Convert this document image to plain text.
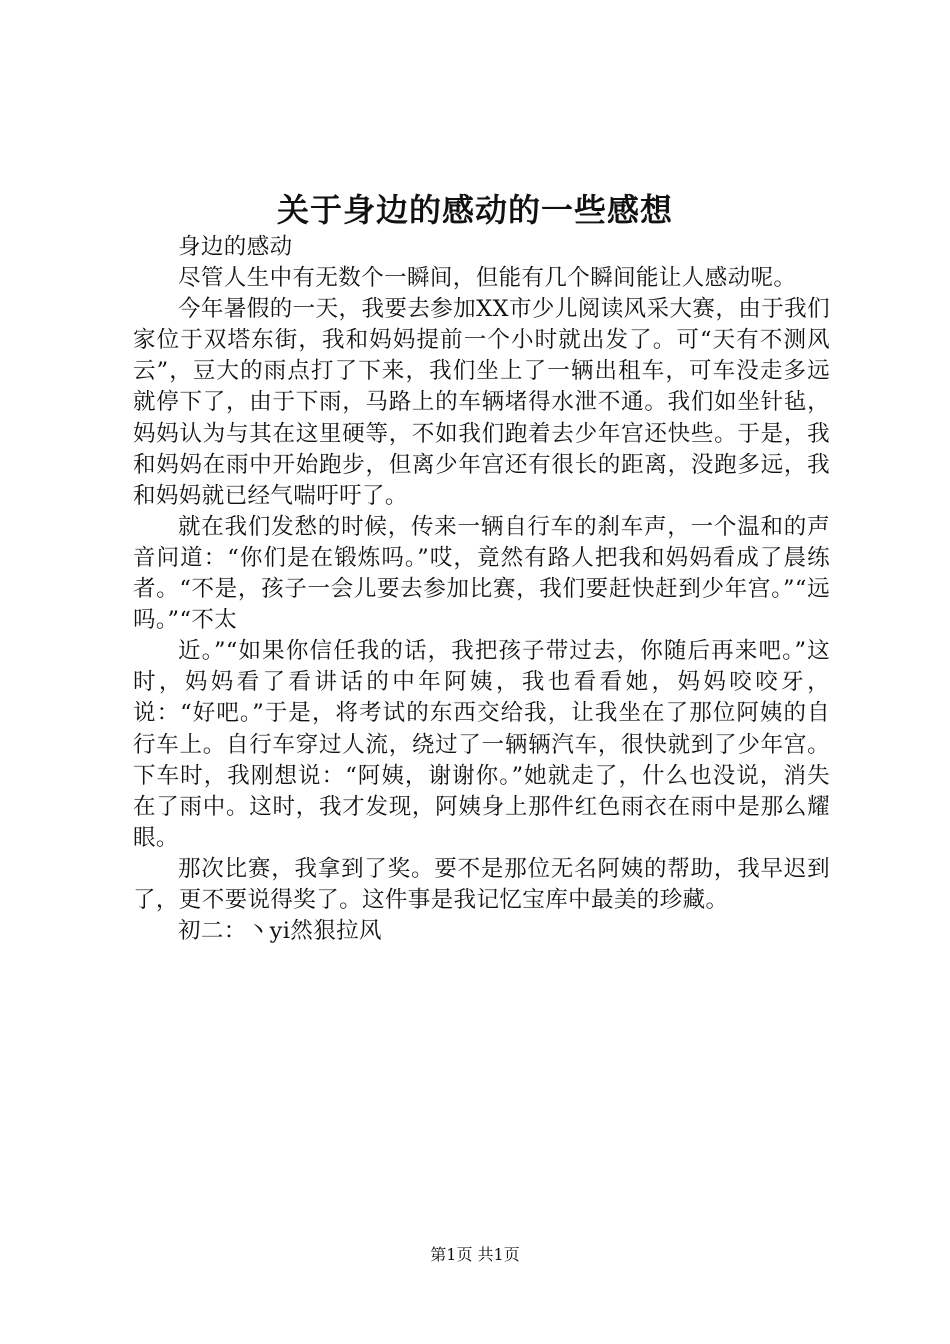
关于身边的感动的一些感想

身边的感动

尽管人生中有无数个一瞬间，但能有几个瞬间能让人感动呢。

今年暑假的一天，我要去参加XX市少儿阅读风采大赛，由于我们家位于双塔东街，我和妈妈提前一个小时就出发了。可“天有不测风云”，豆大的雨点打了下来，我们坐上了一辆出租车，可车没走多远就停下了，由于下雨，马路上的车辆堵得水泄不通。我们如坐针毡，妈妈认为与其在这里硬等，不如我们跑着去少年宫还快些。于是，我和妈妈在雨中开始跑步，但离少年宫还有很长的距离，没跑多远，我和妈妈就已经气喘吁吁了。

就在我们发愁的时候，传来一辆自行车的刹车声，一个温和的声音问道：“你们是在锻炼吗。”哎，竟然有路人把我和妈妈看成了晨练者。“不是，孩子一会儿要去参加比赛，我们要赶快赶到少年宫。”“远吗。”“不太

近。”“如果你信任我的话，我把孩子带过去，你随后再来吧。”这时，妈妈看了看讲话的中年阿姨，我也看看她，妈妈咬咬牙，说：“好吧。”于是，将考试的东西交给我，让我坐在了那位阿姨的自行车上。自行车穿过人流，绕过了一辆辆汽车，很快就到了少年宫。下车时，我刚想说：“阿姨，谢谢你。”她就走了，什么也没说，消失在了雨中。这时，我才发现，阿姨身上那件红色雨衣在雨中是那么耀眼。

那次比赛，我拿到了奖。要不是那位无名阿姨的帮助，我早迟到了，更不要说得奖了。这件事是我记忆宝库中最美的珍藏。

初二：丶yi然狠拉风

第1页 共1页
